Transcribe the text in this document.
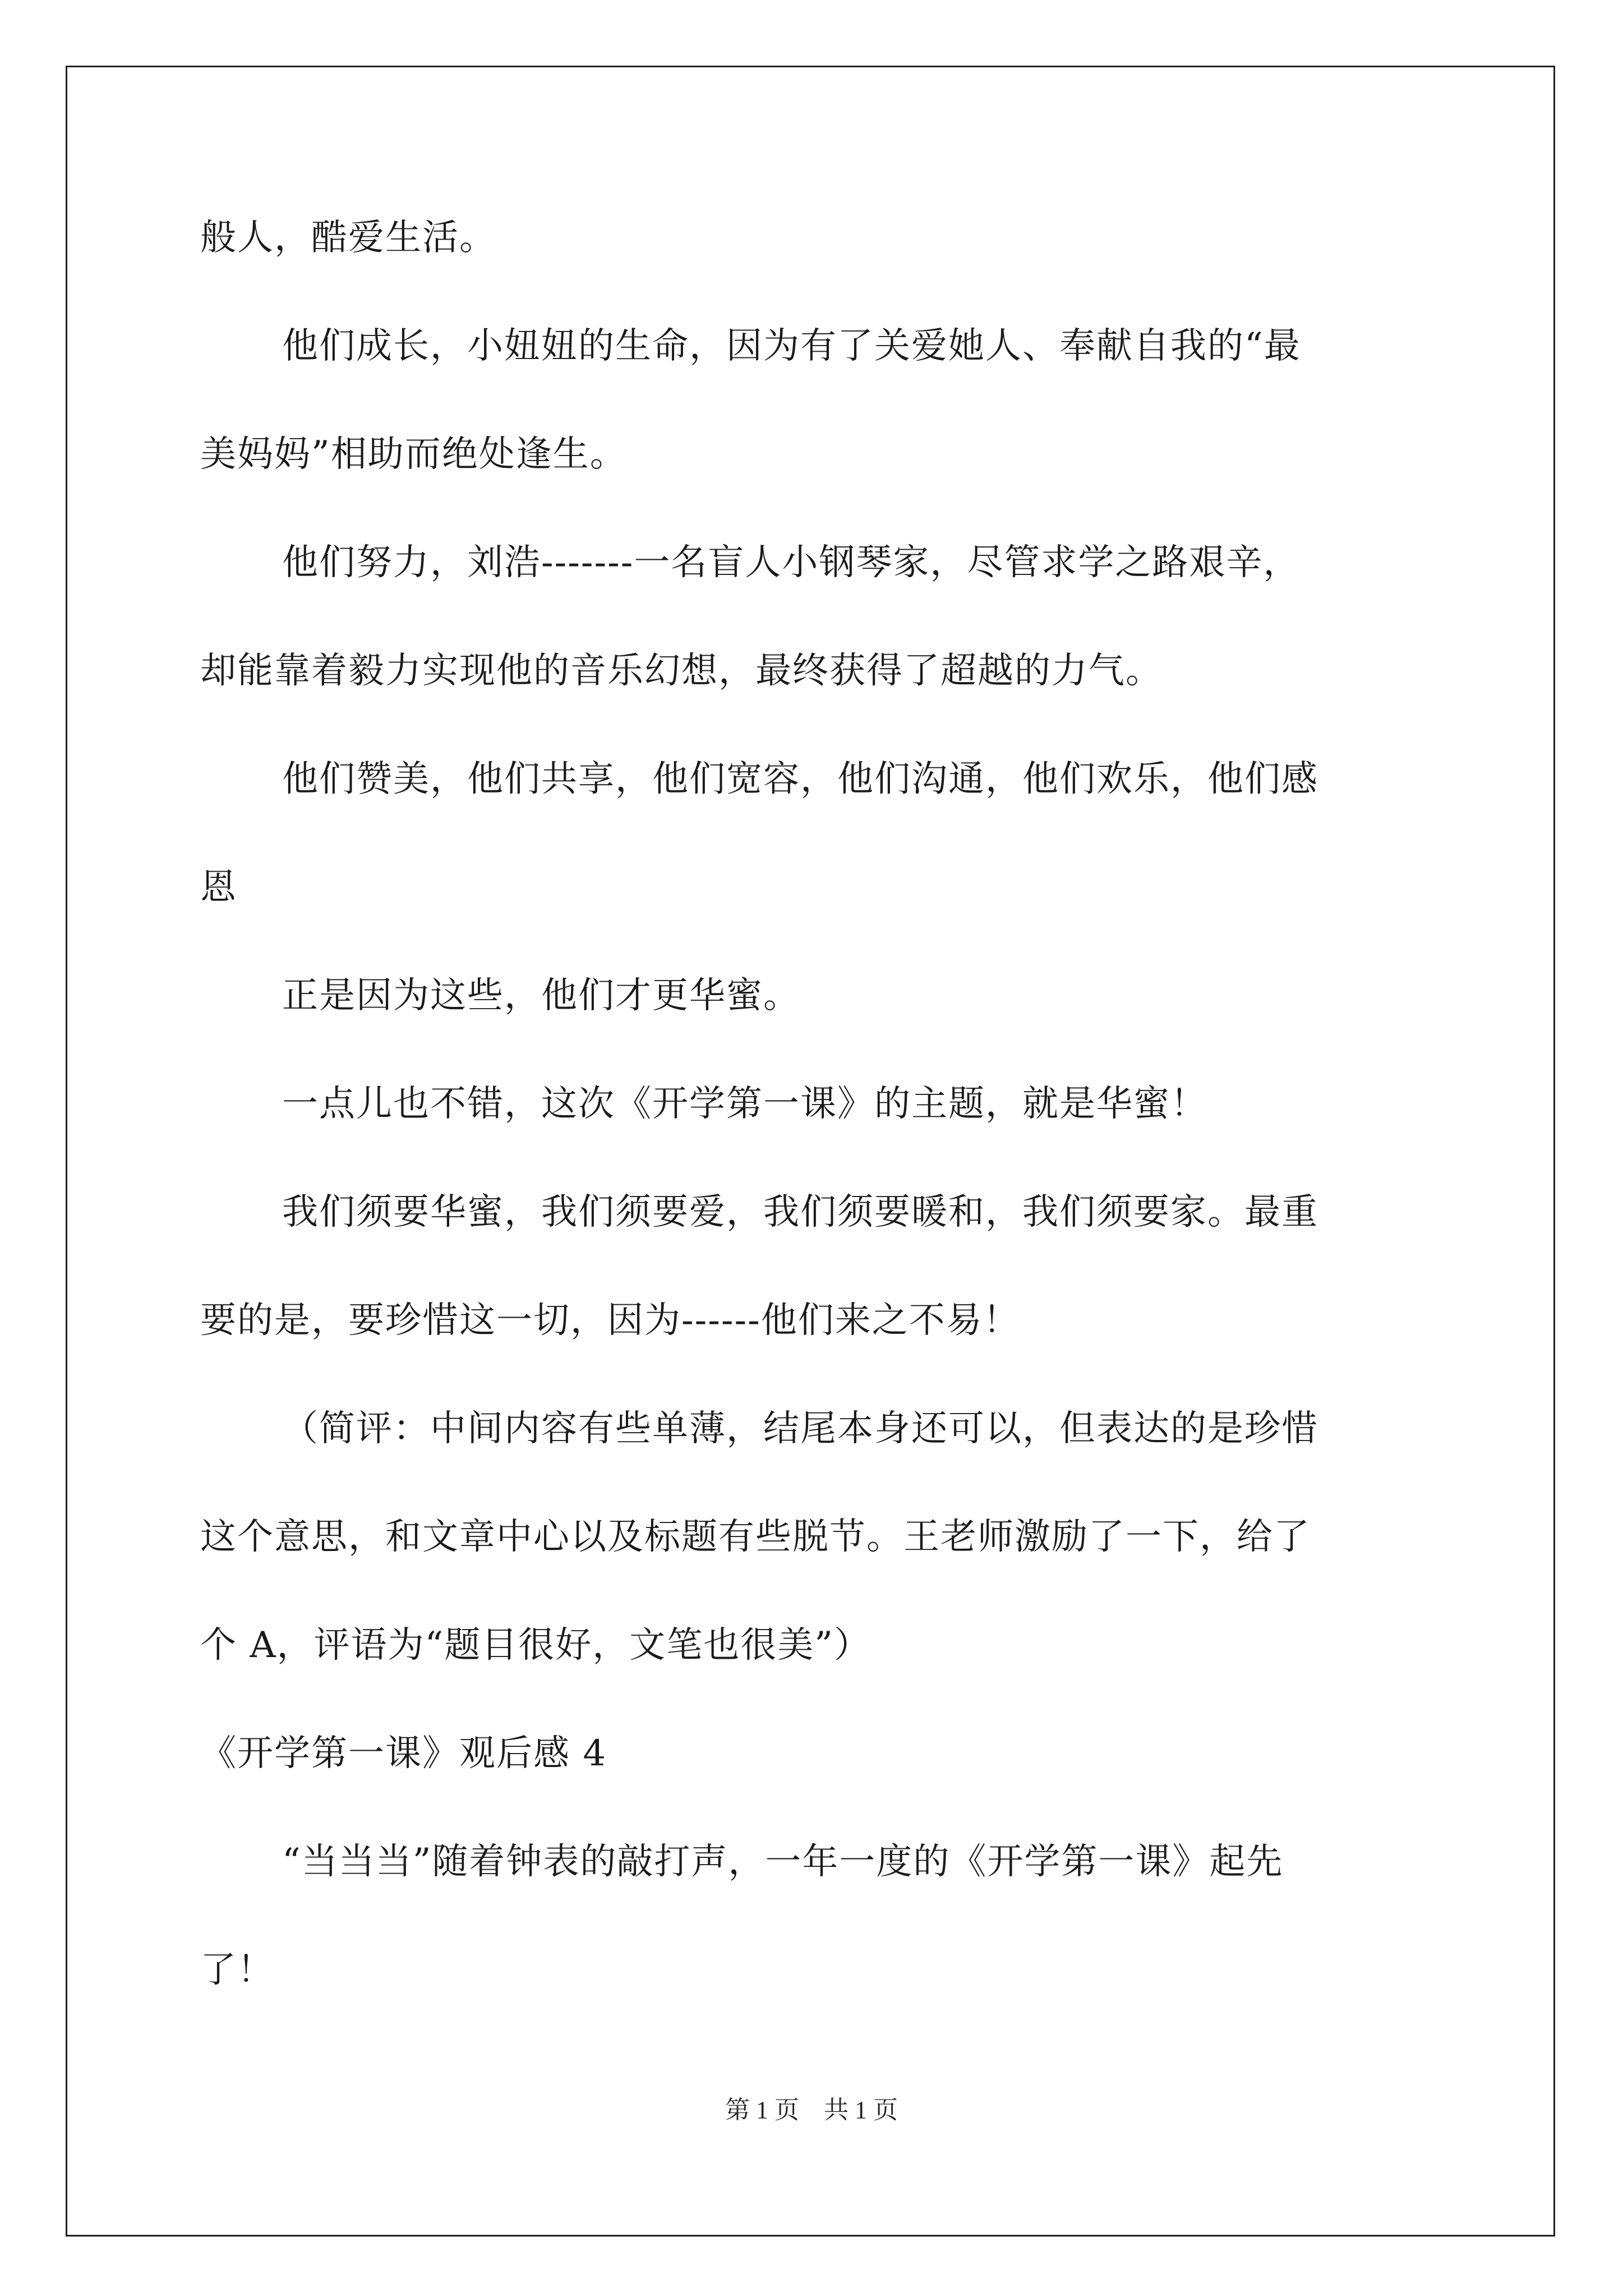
般人，酷爱生活。
他们成长，小妞妞的生命，因为有了关爱她人、奉献自我的“最
美妈妈”相助而绝处逢生。
他们努力，刘浩-------一名盲人小钢琴家，尽管求学之路艰辛，
却能靠着毅力实现他的音乐幻想，最终获得了超越的力气。
他们赞美，他们共享，他们宽容，他们沟通，他们欢乐，他们感
恩
正是因为这些，他们才更华蜜。
一点儿也不错，这次《开学第一课》的主题，就是华蜜！
我们须要华蜜，我们须要爱，我们须要暖和，我们须要家。最重
要的是，要珍惜这一切，因为------他们来之不易！
（简评：中间内容有些单薄，结尾本身还可以，但表达的是珍惜
这个意思，和文章中心以及标题有些脱节。王老师激励了一下，给了
个 A，评语为“题目很好，文笔也很美”）
《开学第一课》观后感 4
“当当当”随着钟表的敲打声，一年一度的《开学第一课》起先
了！
第 1 页　共 1 页
